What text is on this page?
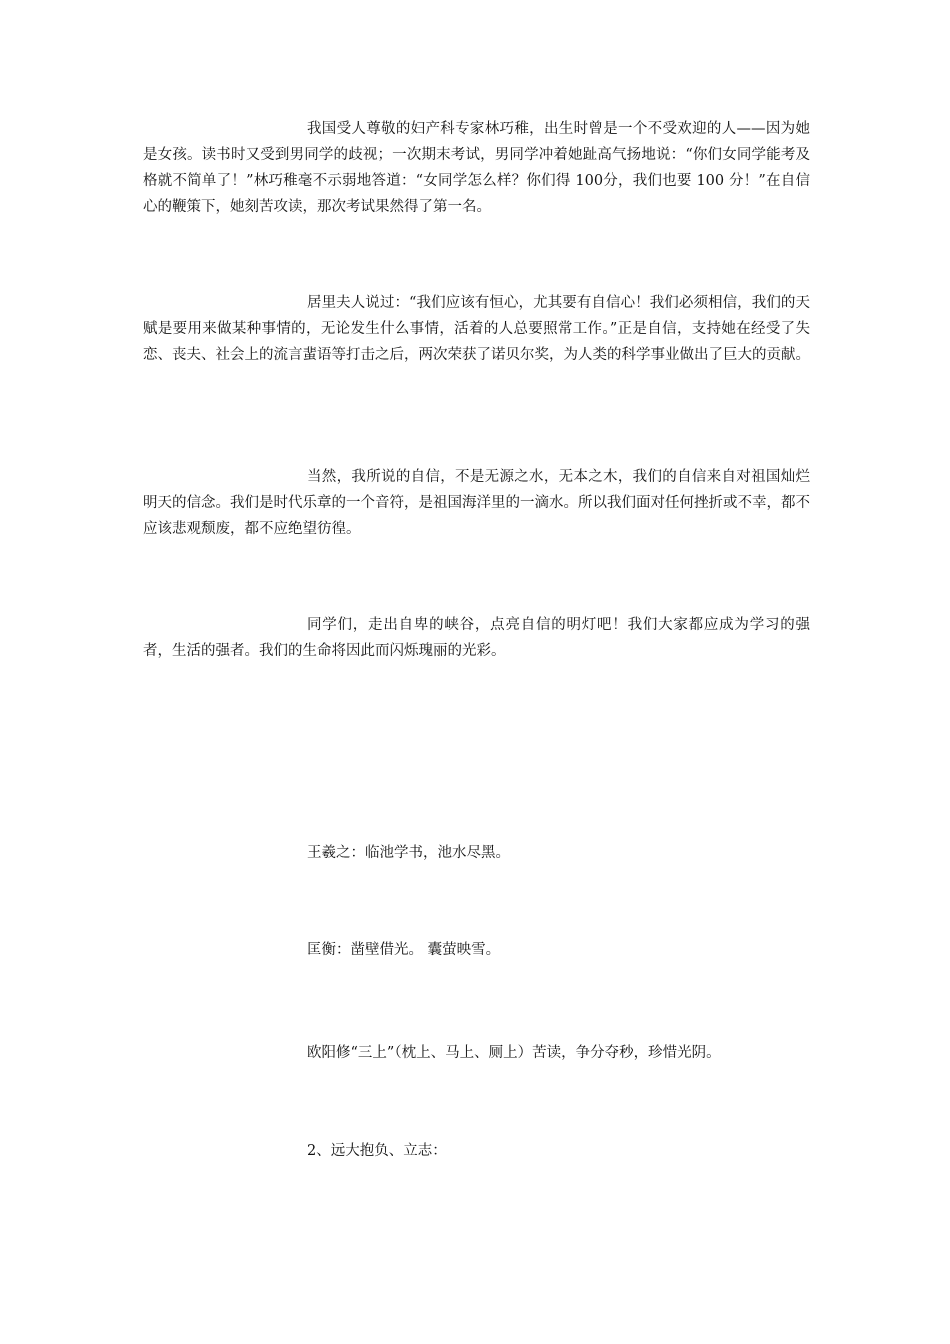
我国受人尊敬的妇产科专家林巧稚，出生时曾是一个不受欢迎的人——因为她是女孩。读书时又受到男同学的歧视；一次期末考试，男同学冲着她趾高气扬地说：“你们女同学能考及格就不简单了！”林巧稚毫不示弱地答道：“女同学怎么样？你们得 100分，我们也要 100 分！”在自信心的鞭策下，她刻苦攻读，那次考试果然得了第一名。

居里夫人说过：“我们应该有恒心，尤其要有自信心！我们必须相信，我们的天赋是要用来做某种事情的，无论发生什么事情，活着的人总要照常工作。”正是自信，支持她在经受了失恋、丧夫、社会上的流言蜚语等打击之后，两次荣获了诺贝尔奖，为人类的科学事业做出了巨大的贡献。

当然，我所说的自信，不是无源之水，无本之木，我们的自信来自对祖国灿烂明天的信念。我们是时代乐章的一个音符，是祖国海洋里的一滴水。所以我们面对任何挫折或不幸，都不应该悲观颓废，都不应绝望彷徨。

同学们，走出自卑的峡谷，点亮自信的明灯吧！我们大家都应成为学习的强者，生活的强者。我们的生命将因此而闪烁瑰丽的光彩。

王羲之：临池学书，池水尽黑。

匡衡：凿壁借光。 囊萤映雪。

欧阳修“三上”（枕上、马上、厕上）苦读，争分夺秒，珍惜光阴。

2、远大抱负、立志：
